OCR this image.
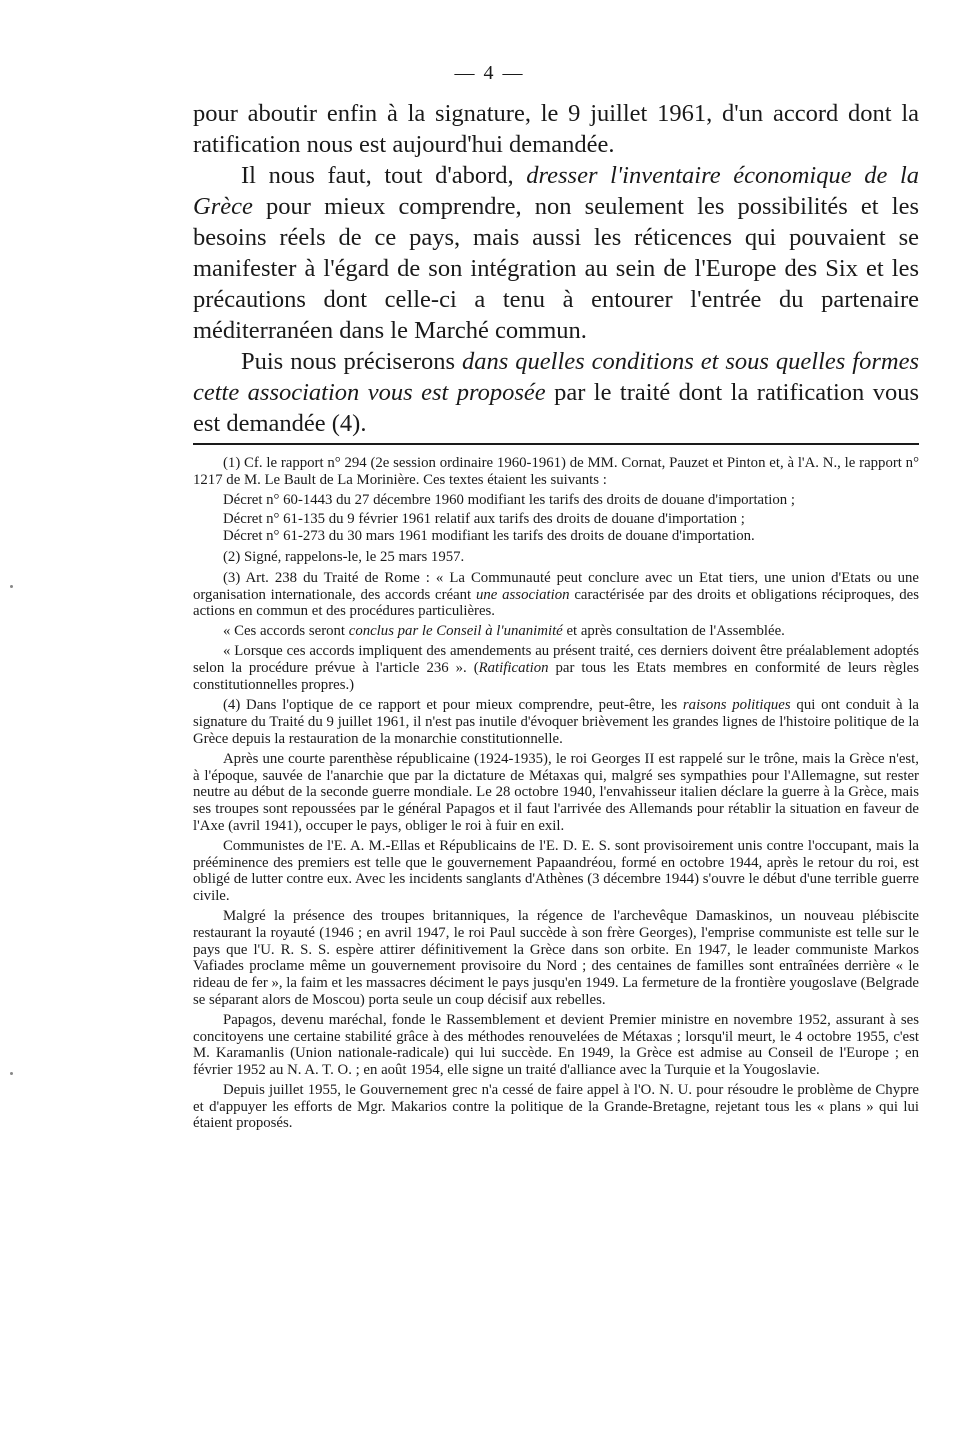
— 4 —

pour aboutir enfin à la signature, le 9 juillet 1961, d'un accord dont la ratification nous est aujourd'hui demandée.

Il nous faut, tout d'abord, dresser l'inventaire économique de la Grèce pour mieux comprendre, non seulement les possibilités et les besoins réels de ce pays, mais aussi les réticences qui pouvaient se manifester à l'égard de son intégration au sein de l'Europe des Six et les précautions dont celle-ci a tenu à entourer l'entrée du partenaire méditerranéen dans le Marché commun.

Puis nous préciserons dans quelles conditions et sous quelles formes cette association vous est proposée par le traité dont la ratification vous est demandée (4).

(1) Cf. le rapport n° 294 (2e session ordinaire 1960-1961) de MM. Cornat, Pauzet et Pinton et, à l'A. N., le rapport n° 1217 de M. Le Bault de La Morinière. Ces textes étaient les suivants :

Décret n° 60-1443 du 27 décembre 1960 modifiant les tarifs des droits de douane d'importation ;

Décret n° 61-135 du 9 février 1961 relatif aux tarifs des droits de douane d'importation ;

Décret n° 61-273 du 30 mars 1961 modifiant les tarifs des droits de douane d'importation.

(2) Signé, rappelons-le, le 25 mars 1957.

(3) Art. 238 du Traité de Rome : « La Communauté peut conclure avec un Etat tiers, une union d'Etats ou une organisation internationale, des accords créant une association caractérisée par des droits et obligations réciproques, des actions en commun et des procédures particulières.

« Ces accords seront conclus par le Conseil à l'unanimité et après consultation de l'Assemblée.

« Lorsque ces accords impliquent des amendements au présent traité, ces derniers doivent être préalablement adoptés selon la procédure prévue à l'article 236 ». (Ratification par tous les Etats membres en conformité de leurs règles constitutionnelles propres.)

(4) Dans l'optique de ce rapport et pour mieux comprendre, peut-être, les raisons politiques qui ont conduit à la signature du Traité du 9 juillet 1961, il n'est pas inutile d'évoquer brièvement les grandes lignes de l'histoire politique de la Grèce depuis la restauration de la monarchie constitutionnelle.

Après une courte parenthèse républicaine (1924-1935), le roi Georges II est rappelé sur le trône, mais la Grèce n'est, à l'époque, sauvée de l'anarchie que par la dictature de Métaxas qui, malgré ses sympathies pour l'Allemagne, sut rester neutre au début de la seconde guerre mondiale. Le 28 octobre 1940, l'envahisseur italien déclare la guerre à la Grèce, mais ses troupes sont repoussées par le général Papagos et il faut l'arrivée des Allemands pour rétablir la situation en faveur de l'Axe (avril 1941), occuper le pays, obliger le roi à fuir en exil.

Communistes de l'E. A. M.-Ellas et Républicains de l'E. D. E. S. sont provisoirement unis contre l'occupant, mais la prééminence des premiers est telle que le gouvernement Papaandréou, formé en octobre 1944, après le retour du roi, est obligé de lutter contre eux. Avec les incidents sanglants d'Athènes (3 décembre 1944) s'ouvre le début d'une terrible guerre civile.

Malgré la présence des troupes britanniques, la régence de l'archevêque Damaskinos, un nouveau plébiscite restaurant la royauté (1946 ; en avril 1947, le roi Paul succède à son frère Georges), l'emprise communiste est telle sur le pays que l'U. R. S. S. espère attirer définitivement la Grèce dans son orbite. En 1947, le leader communiste Markos Vafiades proclame même un gouvernement provisoire du Nord ; des centaines de familles sont entraînées derrière « le rideau de fer », la faim et les massacres déciment le pays jusqu'en 1949. La fermeture de la frontière yougoslave (Belgrade se séparant alors de Moscou) porta seule un coup décisif aux rebelles.

Papagos, devenu maréchal, fonde le Rassemblement et devient Premier ministre en novembre 1952, assurant à ses concitoyens une certaine stabilité grâce à des méthodes renouvelées de Métaxas ; lorsqu'il meurt, le 4 octobre 1955, c'est M. Karamanlis (Union nationale-radicale) qui lui succède. En 1949, la Grèce est admise au Conseil de l'Europe ; en février 1952 au N. A. T. O. ; en août 1954, elle signe un traité d'alliance avec la Turquie et la Yougoslavie.

Depuis juillet 1955, le Gouvernement grec n'a cessé de faire appel à l'O. N. U. pour résoudre le problème de Chypre et d'appuyer les efforts de Mgr. Makarios contre la politique de la Grande-Bretagne, rejetant tous les « plans » qui lui étaient proposés.
